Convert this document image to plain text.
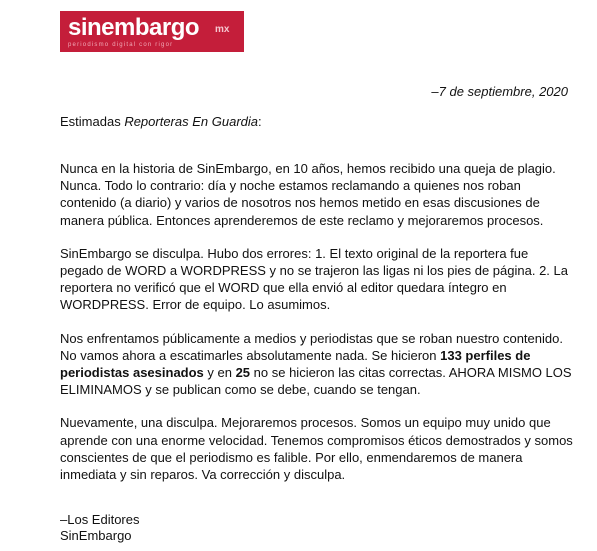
sinembargo mx
periodismo digital con rigor
–7 de septiembre, 2020
Estimadas Reporteras En Guardia:

Nunca en la historia de SinEmbargo, en 10 años, hemos recibido una queja de plagio. Nunca. Todo lo contrario: día y noche estamos reclamando a quienes nos roban contenido (a diario) y varios de nosotros nos hemos metido en esas discusiones de manera pública. Entonces aprenderemos de este reclamo y mejoraremos procesos.

SinEmbargo se disculpa. Hubo dos errores: 1. El texto original de la reportera fue pegado de WORD a WORDPRESS y no se trajeron las ligas ni los pies de página. 2. La reportera no verificó que el WORD que ella envió al editor quedara íntegro en WORDPRESS. Error de equipo. Lo asumimos.

Nos enfrentamos públicamente a medios y periodistas que se roban nuestro contenido. No vamos ahora a escatimarles absolutamente nada. Se hicieron 133 perfiles de periodistas asesinados y en 25 no se hicieron las citas correctas. AHORA MISMO LOS ELIMINAMOS y se publican como se debe, cuando se tengan.

Nuevamente, una disculpa. Mejoraremos procesos. Somos un equipo muy unido que aprende con una enorme velocidad. Tenemos compromisos éticos demostrados y somos conscientes de que el periodismo es falible. Por ello, enmendaremos de manera inmediata y sin reparos. Va corrección y disculpa.

–Los Editores
SinEmbargo
